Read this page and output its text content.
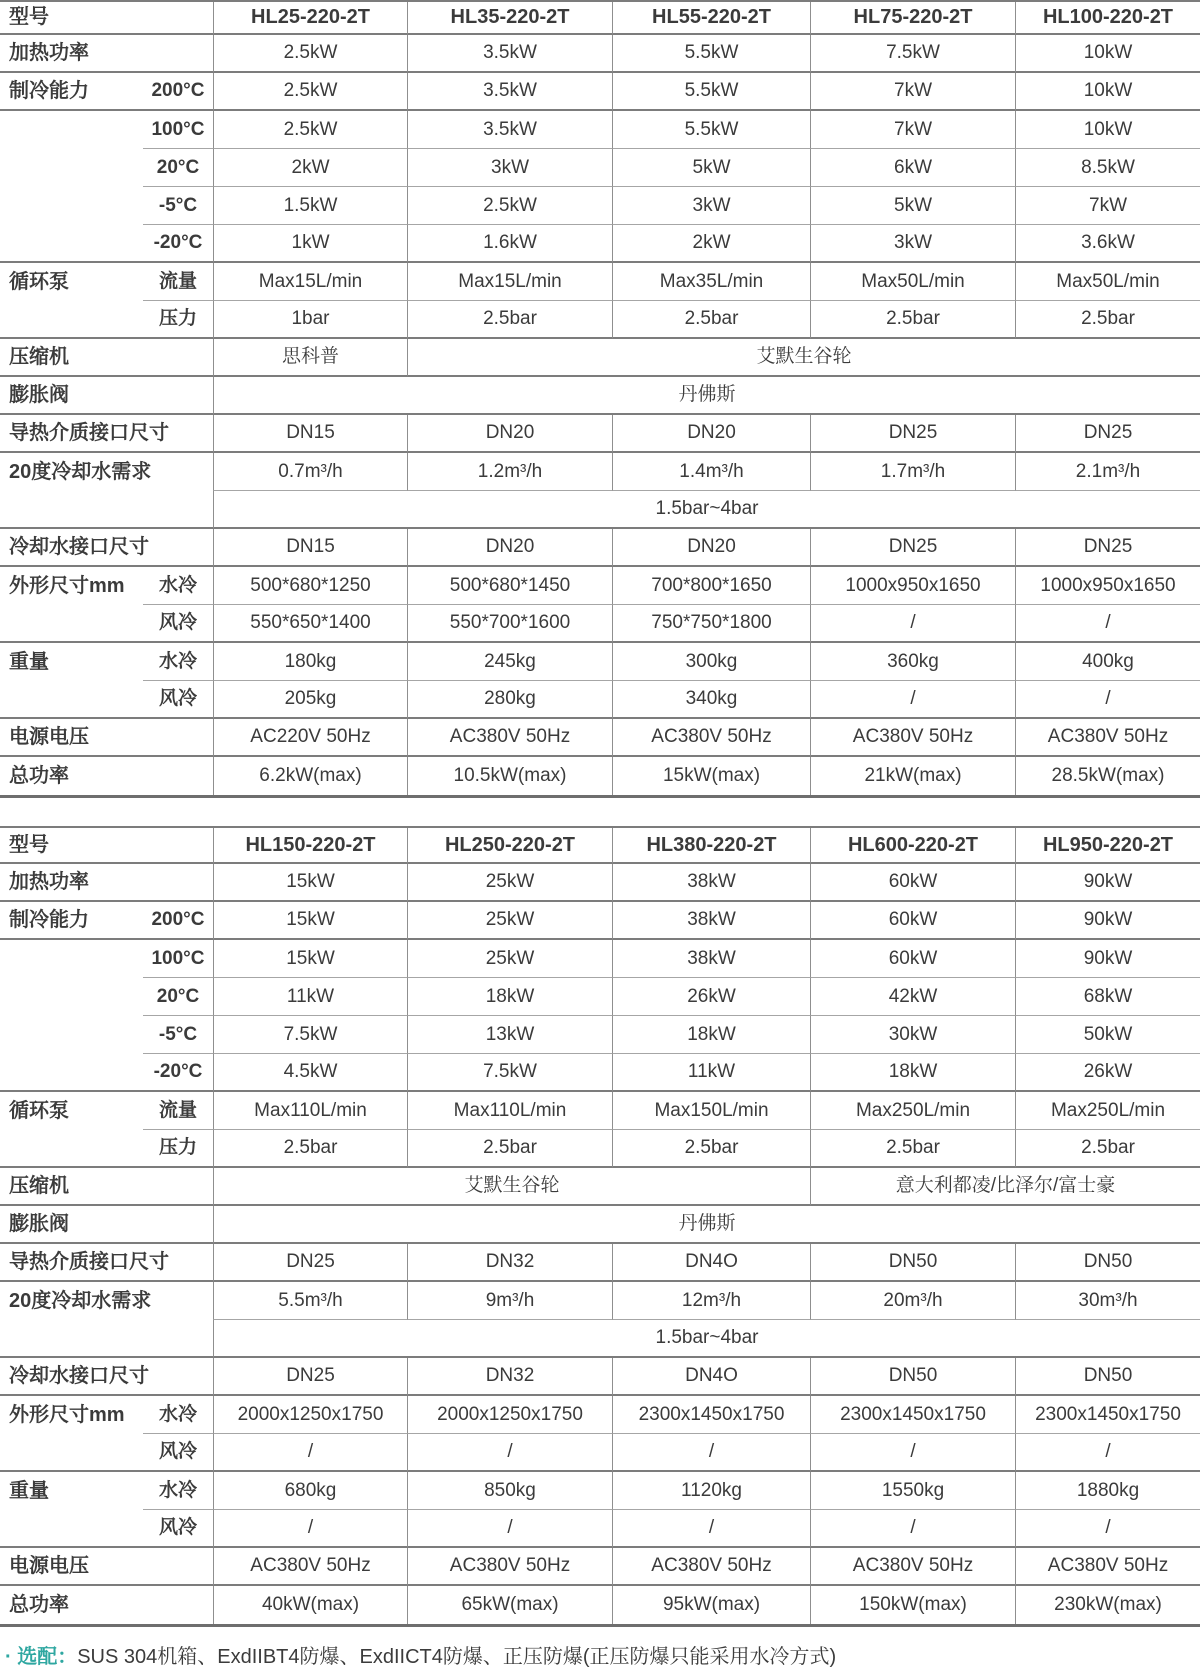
型号	HL25-220-2T	HL35-220-2T	HL55-220-2T	HL75-220-2T	HL100-220-2T
加热功率	2.5kW	3.5kW	5.5kW	7.5kW	10kW
制冷能力	200°C	2.5kW	3.5kW	5.5kW	7kW	10kW
100°C	2.5kW	3.5kW	5.5kW	7kW	10kW
20°C	2kW	3kW	5kW	6kW	8.5kW
-5°C	1.5kW	2.5kW	3kW	5kW	7kW
-20°C	1kW	1.6kW	2kW	3kW	3.6kW
循环泵	流量	Max15L/min	Max15L/min	Max35L/min	Max50L/min	Max50L/min
压力	1bar	2.5bar	2.5bar	2.5bar	2.5bar
压缩机	思科普	艾默生谷轮
膨胀阀	丹佛斯
导热介质接口尺寸	DN15	DN20	DN20	DN25	DN25
20度冷却水需求	0.7m³/h	1.2m³/h	1.4m³/h	1.7m³/h	2.1m³/h
1.5bar~4bar
冷却水接口尺寸	DN15	DN20	DN20	DN25	DN25
外形尺寸mm 水冷	500*680*1250	500*680*1450	700*800*1650	1000x950x1650	1000x950x1650
风冷	550*650*1400	550*700*1600	750*750*1800	/	/
重量	水冷	180kg	245kg	300kg	360kg	400kg
风冷	205kg	280kg	340kg	/	/
电源电压	AC220V 50Hz	AC380V 50Hz	AC380V 50Hz	AC380V 50Hz	AC380V 50Hz
总功率	6.2kW(max)	10.5kW(max)	15kW(max)	21kW(max)	28.5kW(max)
型号	HL150-220-2T	HL250-220-2T	HL380-220-2T	HL600-220-2T	HL950-220-2T
加热功率	15kW	25kW	38kW	60kW	90kW
制冷能力	200°C	15kW	25kW	38kW	60kW	90kW
100°C	15kW	25kW	38kW	60kW	90kW
20°C	11kW	18kW	26kW	42kW	68kW
-5°C	7.5kW	13kW	18kW	30kW	50kW
-20°C	4.5kW	7.5kW	11kW	18kW	26kW
循环泵	流量	Max110L/min	Max110L/min	Max150L/min	Max250L/min	Max250L/min
压力	2.5bar	2.5bar	2.5bar	2.5bar	2.5bar
压缩机	艾默生谷轮	意大利都凌/比泽尔/富士豪
膨胀阀	丹佛斯
导热介质接口尺寸	DN25	DN32	DN4O	DN50	DN50
20度冷却水需求	5.5m³/h	9m³/h	12m³/h	20m³/h	30m³/h
1.5bar~4bar
冷却水接口尺寸	DN25	DN32	DN4O	DN50	DN50
外形尺寸mm 水冷 2000x1250x1750	2000x1250x1750	2300x1450x1750	2300x1450x1750	2300x1450x1750
风冷	/	/	/	/	/
重量	水冷	680kg	850kg	1120kg	1550kg	1880kg
风冷	/	/	/	/	/
电源电压	AC380V 50Hz	AC380V 50Hz	AC380V 50Hz	AC380V 50Hz	AC380V 50Hz
总功率	40kW(max)	65kW(max)	95kW(max)	150kW(max)	230kW(max)
· 选配：SUS 304机箱、ExdIIBT4防爆、ExdIICT4防爆、正压防爆(正压防爆只能采用水冷方式)
